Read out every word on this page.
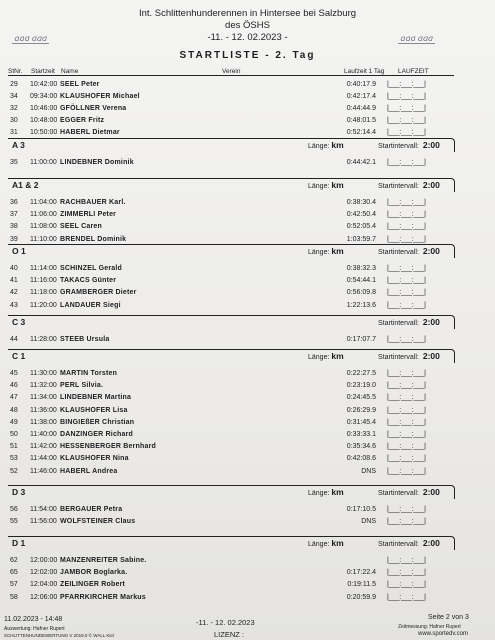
Int. Schlittenhunderennen in Hintersee bei Salzburg
des ÖSHS
-11. - 12. 02.2023 -
ᗡᗡᗡ ᗡᗡᗡ	ᗡᗡᗡ ᗡᗡᗡ
STARTLISTE - 2. Tag
StNr. Startzeit Name	Verein	Laufzeit 1 Tag LAUFZEIT
29 10:42:00 SEEL Peter	0:40:17.9 |___:___:___|
34 09:34:00 KLAUSHOFER Michael	0:42:17.4 |___:___:___|
32 10:46:00 GFÖLLNER Verena	0:44:44.9 |___:___:___|
30 10:48:00 EGGER Fritz	0:48:01.5 |___:___:___|
31 10:50:00 HABERL Dietmar	0:52:14.4 |___:___:___|
A 3	Länge: km	Startintervall: 2:00
35 11:00:00 LINDEBNER Dominik	0:44:42.1 |___:___:___|
A1 & 2	Länge: km	Startintervall: 2:00
36 11:04:00 RACHBAUER Karl.	0:38:30.4 |___:___:___|
37 11:06:00 ZIMMERLI Peter	0:42:50.4 |___:___:___|
38 11:08:00 SEEL Caren	0:52:05.4 |___:___:___|
39 11:10:00 BRENDEL Dominik	1:03:59.7 |___:___:___|
O 1	Länge: km	Startintervall: 2:00
40 11:14:00 SCHINZEL Gerald	0:38:32.3 |___:___:___|
41 11:16:00 TAKACS Günter	0:54:44.1 |___:___:___|
42 11:18:00 GRAMBERGER Dieter	0:56:09.8 |___:___:___|
43 11:20:00 LANDAUER Siegi	1:22:13.6 |___:___:___|
C 3	Startintervall: 2:00
44 11:28:00 STEEB Ursula	0:17:07.7 |___:___:___|
C 1	Länge: km	Startintervall: 2:00
45 11:30:00 MARTIN Torsten	0:22:27.5 |___:___:___|
46 11:32:00 PERL Silvia.	0:23:19.0 |___:___:___|
47 11:34:00 LINDEBNER Martina	0:24:45.5 |___:___:___|
48 11:36:00 KLAUSHOFER Lisa	0:26:29.9 |___:___:___|
49 11:38:00 BINGIEßER Christian	0:31:45.4 |___:___:___|
50 11:40:00 DANZINGER Richard	0:33:33.1 |___:___:___|
51 11:42:00 HESSENBERGER Bernhard	0:35:34.6 |___:___:___|
53 11:44:00 KLAUSHOFER Nina	0:42:08.6 |___:___:___|
52 11:46:00 HABERL Andrea	DNS |___:___:___|
D 3	Länge: km	Startintervall: 2:00
56 11:54:00 BERGAUER Petra	0:17:10.5 |___:___:___|
55 11:56:00 WOLFSTEINER Claus	DNS |___:___:___|
D 1	Länge: km	Startintervall: 2:00
62 12:00:00 MANZENREITER Sabine.	|___:___:___|
65 12:02:00 JAMBOR Boglarka.	0:17:22.4 |___:___:___|
57 12:04:00 ZEILINGER Robert	0:19:11.5 |___:___:___|
58 12:06:00 PFARRKIRCHER Markus	0:20:59.9 |___:___:___|
11.02.2023 - 14:48
Auswertung: Hafner Rupert
SCHLITTENHUNDEWERTUNG V 2019.0 © WALL Kiel
-11. - 12. 02.2023
LIZENZ :
Seite 2 von 3
Zeitmessung: Hafner Rupert
www.sportedv.com
